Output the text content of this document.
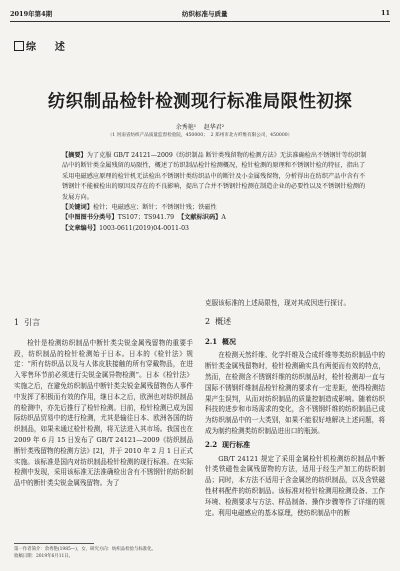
2019年第4期	纺织标准与质量	11
综    述
纺织制品检针检测现行标准局限性初探
余秀艳¹    赵华君²
（1 河南省纺织产品质量监督检验院，450000；  2 郑州市北方纤维有限公司，450000）
【摘要】为了克服 GB/T 24121—2009《纺织制品 断针类残留物的检测方法》无法准确检出不锈钢针等纺织制品中的断针类金属残留的局限性，概述了纺织制品检针检测概况，检针检测的原理和不锈钢针检的特征，指出了采用电磁感应原理的检针机无法检出不锈钢针类纺织品中的断针及小金属残留物，分析得出在纺织产品中含有不锈钢针不能被检出的原因及存在的不良影响，提出了合并不锈钢针检测在制造企业的必要性以及不锈钢针检测的发展方向。
【关键词】检针；电磁感应；断针；不锈钢针残；铁磁性
【中图图书分类号】TS107；TS941.79 【文献标识码】A
【文章编号】1003-0611(2019)04-0011-03
1  引言

检针是检测纺织制品中断针类尖锐金属残留物的重要手段，纺织制品的检针检测始于日本。日本的《检针法》规定：“所有纺织品以及与人体皮肤接触的所有穿戴物品，在进入零售环节前必须进行尖锐金属异物检测”。日本《检针法》实施之后，在避免纺织制品中断针类尖锐金属残留物伤人事件中发挥了积极而有效的作用，继日本之后，欧洲也对纺织制品的检测中，亦先后推行了检针检测。目前，检针检测已成为国际纺织品贸易中的进行检测，尤其是输往日本、欧洲各国的纺织制品，如果未通过检针检测，将无法进入其市场。我国也在 2009 年 6 月 15 日发布了 GB/T 24121—2009《纺织制品 断针类残留物的检测方法》[2]，并于 2010 年 2 月 1 日正式实施。该标准是国内对纺织制品检针检测的现行标准。在实际检测中发现，采用该标准无法准确检出含有不锈钢针的纺织制品中的断针类尖锐金属残留物。为了

克服该标准的上述局限性，现对其成因进行探讨。

2  概述
2.1  概况

在检测天然纤维、化学纤维及合成纤维等类纺织制品中的断针类金属残留物时，检针检测确实具有两便而有效的特点，然而，在检测含不锈钢纤维的纺织制品时，检针检测却一直与国际不锈钢纤维制品检针检测的要求有一定差距，使得检测结果产生误判，从而对纺织制品的质量控制造成影响。随着纺织科技的进步和市场需求的变化，含不锈钢纤维的纺织制品已成为纺织制品中的一大类别，如果不能很好地解决上述问题，将成为制约检测类纺织制品进出口的瓶颈。

2.2  现行标准

GB/T 24121 规定了采用金属检针机检测纺织制品中断针类铁磁性金属残留物的方法，适用于经生产加工的纺织制品；同时，本方法不适用于含金属丝的纺织制品，以及含铁磁性材料配件的纺织制品。该标准对检针检测用检测设备、工作环境、检测要求与方法、样品制备、操作步骤等作了详细的规定。利用电磁感应的基本原理，使纺织制品中的断

第一作者简介：余秀艳(1985—)，女，研究方向：纺织品检验与标准化。
收稿日期：2019年6月11日。
